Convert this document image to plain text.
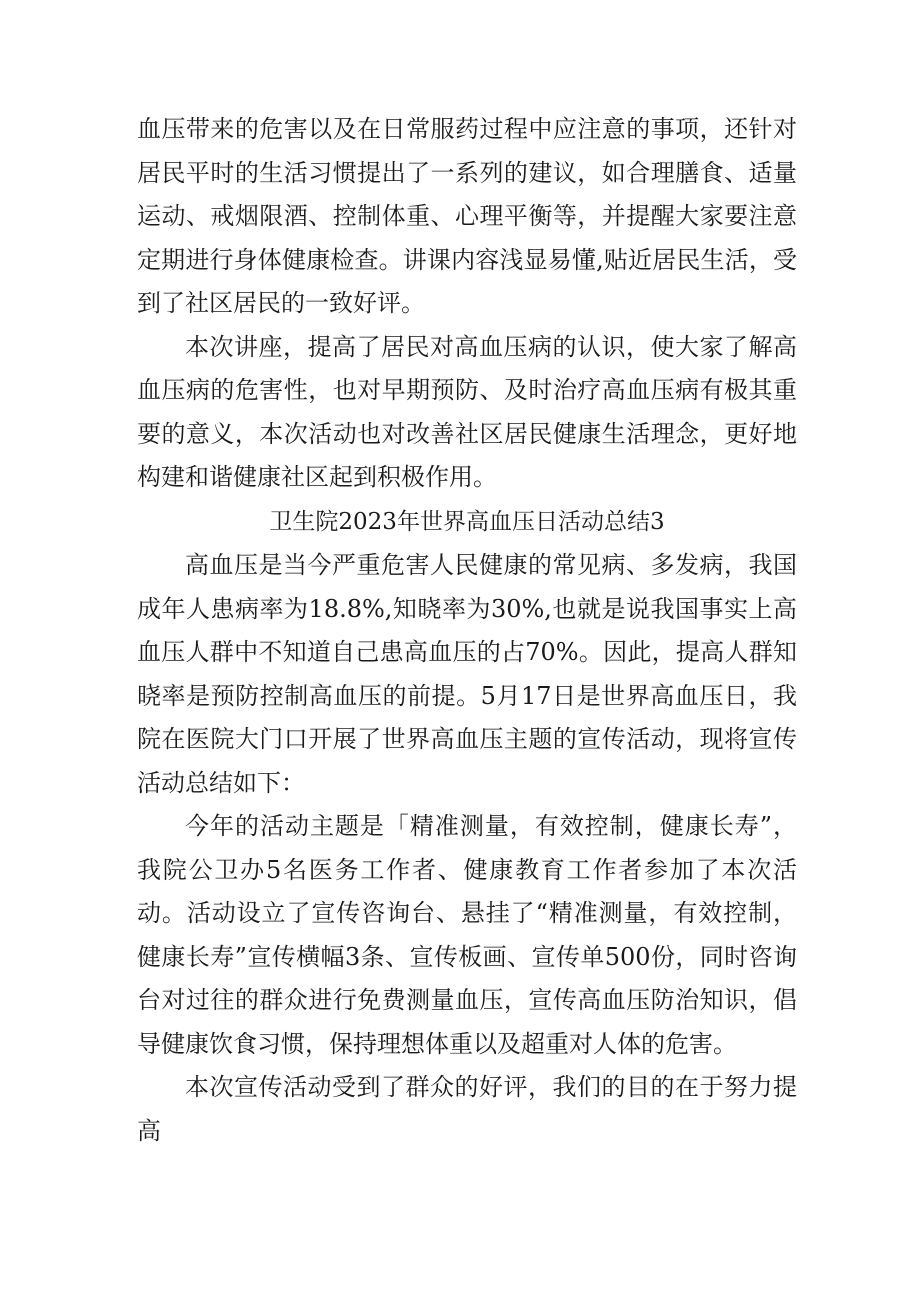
血压带来的危害以及在日常服药过程中应注意的事项，还针对居民平时的生活习惯提出了一系列的建议，如合理膳食、适量运动、戒烟限酒、控制体重、心理平衡等，并提醒大家要注意定期进行身体健康检查。讲课内容浅显易懂,贴近居民生活，受到了社区居民的一致好评。

本次讲座，提高了居民对高血压病的认识，使大家了解高血压病的危害性，也对早期预防、及时治疗高血压病有极其重要的意义，本次活动也对改善社区居民健康生活理念，更好地构建和谐健康社区起到积极作用。

卫生院2023年世界高血压日活动总结3

高血压是当今严重危害人民健康的常见病、多发病，我国成年人患病率为18.8%,知晓率为30%,也就是说我国事实上高血压人群中不知道自己患高血压的占70%。因此，提高人群知晓率是预防控制高血压的前提。5月17日是世界高血压日，我院在医院大门口开展了世界高血压主题的宣传活动，现将宣传活动总结如下：

今年的活动主题是「精准测量，有效控制，健康长寿”，我院公卫办5名医务工作者、健康教育工作者参加了本次活动。活动设立了宣传咨询台、悬挂了“精准测量，有效控制，健康长寿”宣传横幅3条、宣传板画、宣传单500份，同时咨询台对过往的群众进行免费测量血压，宣传高血压防治知识，倡导健康饮食习惯，保持理想体重以及超重对人体的危害。

本次宣传活动受到了群众的好评，我们的目的在于努力提高
